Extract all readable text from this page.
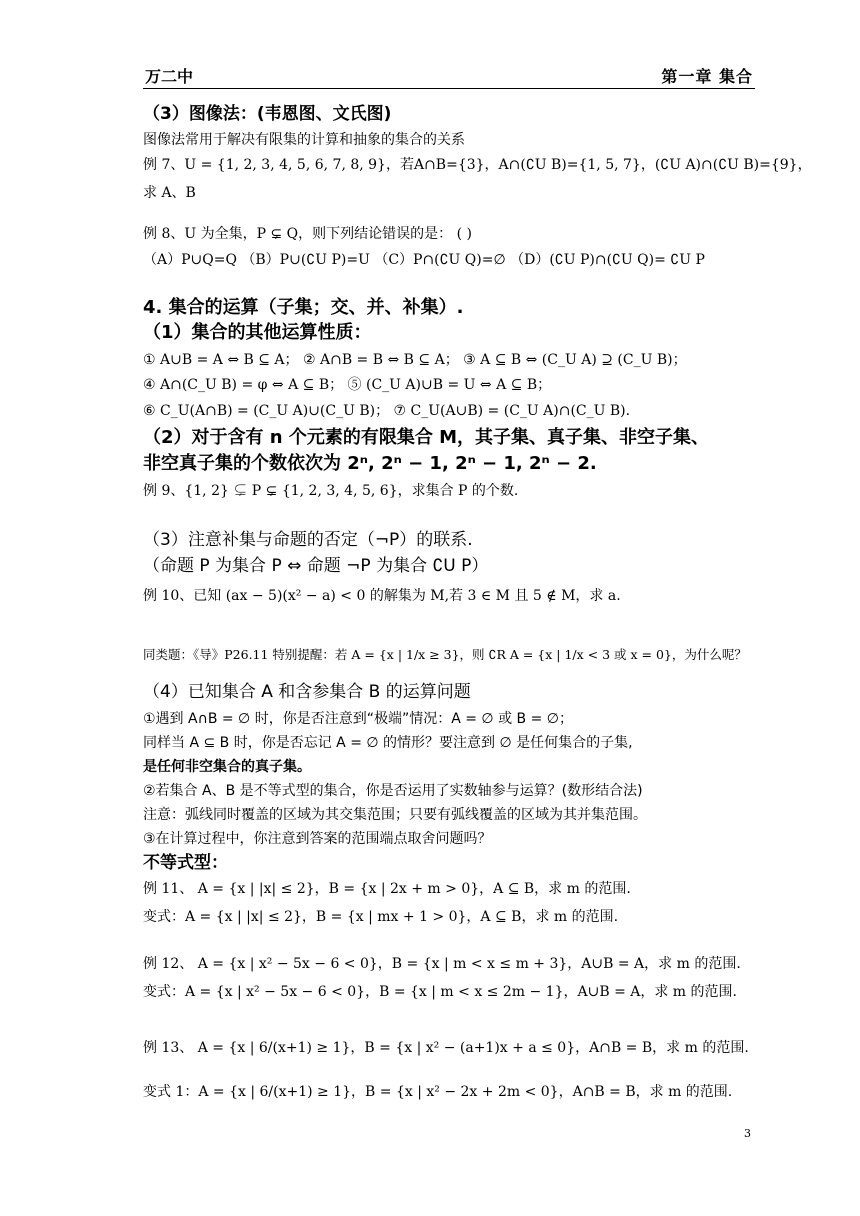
万二中	第一章 集合
（3）图像法：(韦恩图、文氏图)
图像法常用于解决有限集的计算和抽象的集合的关系
例 7、U = {1, 2, 3, 4, 5, 6, 7, 8, 9}，若A∩B={3}，A∩(∁U B)={1, 5, 7}，(∁U A)∩(∁U B)={9}，
求 A、B
例 8、U 为全集，P ⊊ Q，则下列结论错误的是： ( )
（A）P∪Q=Q （B）P∪(∁U P)=U （C）P∩(∁U Q)=∅ （D）(∁U P)∩(∁U Q)= ∁U P
4. 集合的运算（子集；交、并、补集）.
（1）集合的其他运算性质：
① A∪B = A ⇔ B ⊆ A； ② A∩B = B ⇔ B ⊆ A； ③ A ⊆ B ⇔ (C_U A) ⊇ (C_U B)；
④ A∩(C_U B) = φ ⇔ A ⊆ B； ⑤ (C_U A)∪B = U ⇔ A ⊆ B；
⑥ C_U(A∩B) = (C_U A)∪(C_U B)； ⑦ C_U(A∪B) = (C_U A)∩(C_U B).
（2）对于含有 n 个元素的有限集合 M，其子集、真子集、非空子集、
非空真子集的个数依次为 2ⁿ, 2ⁿ − 1, 2ⁿ − 1, 2ⁿ − 2.
例 9、{1, 2} ⊊ P ⊊ {1, 2, 3, 4, 5, 6}，求集合 P 的个数.
（3）注意补集与命题的否定（¬P）的联系.
（命题 P 为集合 P ⇔ 命题 ¬P 为集合 ∁U P）
例 10、已知 (ax − 5)(x² − a) < 0 的解集为 M,若 3 ∈ M 且 5 ∉ M，求 a.
同类题：《导》P26.11 特别提醒：若 A = {x | 1/x ≥ 3}，则 ∁R A = {x | 1/x < 3 或 x = 0}，为什么呢？
（4）已知集合 A 和含参集合 B 的运算问题
①遇到 A∩B = ∅ 时，你是否注意到“极端”情况：A = ∅ 或 B = ∅；
同样当 A ⊆ B 时，你是否忘记 A = ∅ 的情形？要注意到 ∅ 是任何集合的子集,
是任何非空集合的真子集。
②若集合 A、B 是不等式型的集合，你是否运用了实数轴参与运算？(数形结合法)
注意：弧线同时覆盖的区域为其交集范围；只要有弧线覆盖的区域为其并集范围。
③在计算过程中，你注意到答案的范围端点取舍问题吗？
不等式型：
例 11、 A = {x | |x| ≤ 2}，B = {x | 2x + m > 0}，A ⊆ B，求 m 的范围.
变式：A = {x | |x| ≤ 2}，B = {x | mx + 1 > 0}，A ⊆ B，求 m 的范围.
例 12、 A = {x | x² − 5x − 6 < 0}，B = {x | m < x ≤ m + 3}，A∪B = A，求 m 的范围.
变式：A = {x | x² − 5x − 6 < 0}，B = {x | m < x ≤ 2m − 1}，A∪B = A，求 m 的范围.
例 13、 A = {x | 6/(x+1) ≥ 1}，B = {x | x² − (a+1)x + a ≤ 0}，A∩B = B，求 m 的范围.
变式 1：A = {x | 6/(x+1) ≥ 1}，B = {x | x² − 2x + 2m < 0}，A∩B = B，求 m 的范围.
3
